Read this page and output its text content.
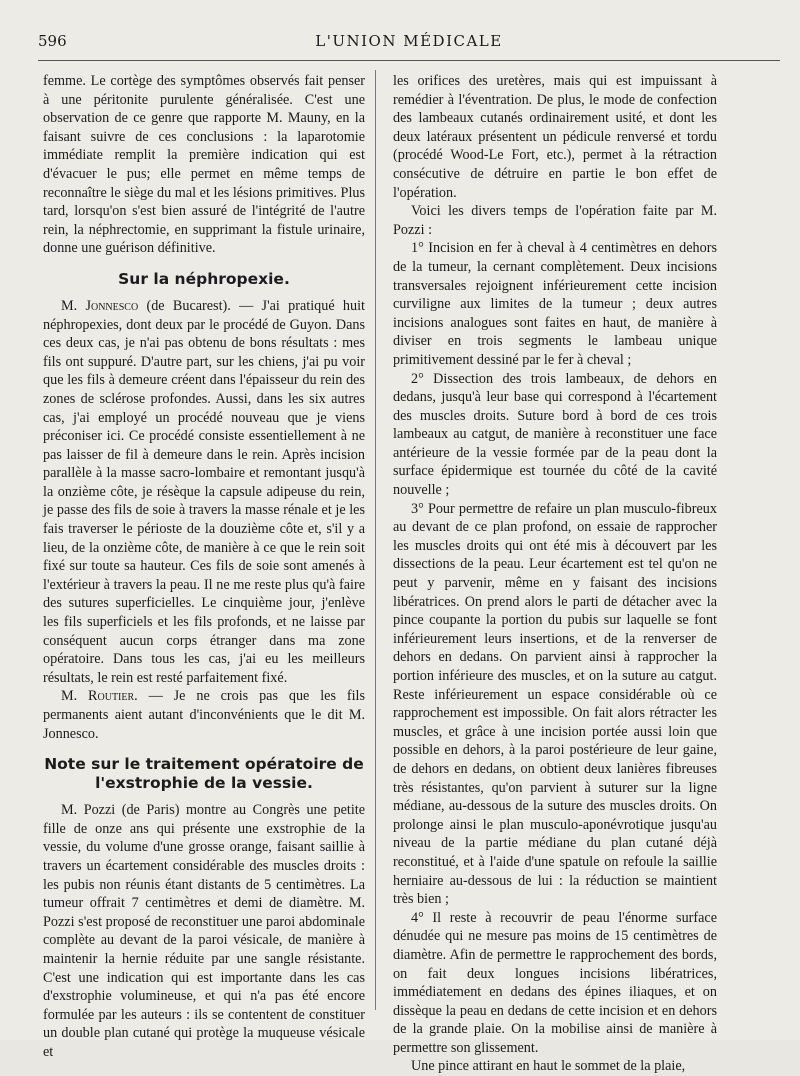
596	L'UNION MÉDICALE

femme. Le cortège des symptômes observés fait penser à une péritonite purulente généralisée. C'est une observation de ce genre que rapporte M. Mauny, en la faisant suivre de ces conclusions : la laparotomie immédiate remplit la première indication qui est d'évacuer le pus; elle permet en même temps de reconnaître le siège du mal et les lésions primitives. Plus tard, lorsqu'on s'est bien assuré de l'intégrité de l'autre rein, la néphrectomie, en supprimant la fistule urinaire, donne une guérison définitive.

Sur la néphropexie.

M. Jonnesco (de Bucarest). — J'ai pratiqué huit néphropexies, dont deux par le procédé de Guyon. Dans ces deux cas, je n'ai pas obtenu de bons résultats : mes fils ont suppuré. D'autre part, sur les chiens, j'ai pu voir que les fils à demeure créent dans l'épaisseur du rein des zones de sclérose profondes. Aussi, dans les six autres cas, j'ai employé un procédé nouveau que je viens préconiser ici. Ce procédé consiste essentiellement à ne pas laisser de fil à demeure dans le rein. Après incision parallèle à la masse sacro-lombaire et remontant jusqu'à la onzième côte, je résèque la capsule adipeuse du rein, je passe des fils de soie à travers la masse rénale et je les fais traverser le périoste de la douzième côte et, s'il y a lieu, de la onzième côte, de manière à ce que le rein soit fixé sur toute sa hauteur. Ces fils de soie sont amenés à l'extérieur à travers la peau. Il ne me reste plus qu'à faire des sutures superficielles. Le cinquième jour, j'enlève les fils superficiels et les fils profonds, et ne laisse par conséquent aucun corps étranger dans ma zone opératoire. Dans tous les cas, j'ai eu les meilleurs résultats, le rein est resté parfaitement fixé.

M. Routier. — Je ne crois pas que les fils permanents aient autant d'inconvénients que le dit M. Jonnesco.

Note sur le traitement opératoire de l'exstrophie de la vessie.

M. Pozzi (de Paris) montre au Congrès une petite fille de onze ans qui présente une exstrophie de la vessie, du volume d'une grosse orange, faisant saillie à travers un écartement considérable des muscles droits : les pubis non réunis étant distants de 5 centimètres. La tumeur offrait 7 centimètres et demi de diamètre. M. Pozzi s'est proposé de reconstituer une paroi abdominale complète au devant de la paroi vésicale, de manière à maintenir la hernie réduite par une sangle résistante. C'est une indication qui est importante dans les cas d'exstrophie volumineuse, et qui n'a pas été encore formulée par les auteurs : ils se contentent de constituer un double plan cutané qui protège la muqueuse vésicale et

les orifices des uretères, mais qui est impuissant à remédier à l'éventration. De plus, le mode de confection des lambeaux cutanés ordinairement usité, et dont les deux latéraux présentent un pédicule renversé et tordu (procédé Wood-Le Fort, etc.), permet à la rétraction consécutive de détruire en partie le bon effet de l'opération.

Voici les divers temps de l'opération faite par M. Pozzi :

1° Incision en fer à cheval à 4 centimètres en dehors de la tumeur, la cernant complètement. Deux incisions transversales rejoignent inférieurement cette incision curviligne aux limites de la tumeur ; deux autres incisions analogues sont faites en haut, de manière à diviser en trois segments le lambeau unique primitivement dessiné par le fer à cheval ;

2° Dissection des trois lambeaux, de dehors en dedans, jusqu'à leur base qui correspond à l'écartement des muscles droits. Suture bord à bord de ces trois lambeaux au catgut, de manière à reconstituer une face antérieure de la vessie formée par de la peau dont la surface épidermique est tournée du côté de la cavité nouvelle ;

3° Pour permettre de refaire un plan musculo-fibreux au devant de ce plan profond, on essaie de rapprocher les muscles droits qui ont été mis à découvert par les dissections de la peau. Leur écartement est tel qu'on ne peut y parvenir, même en y faisant des incisions libératrices. On prend alors le parti de détacher avec la pince coupante la portion du pubis sur laquelle se font inférieurement leurs insertions, et de la renverser de dehors en dedans. On parvient ainsi à rapprocher la portion inférieure des muscles, et on la suture au catgut. Reste inférieurement un espace considérable où ce rapprochement est impossible. On fait alors rétracter les muscles, et grâce à une incision portée aussi loin que possible en dehors, à la paroi postérieure de leur gaine, de dehors en dedans, on obtient deux lanières fibreuses très résistantes, qu'on parvient à suturer sur la ligne médiane, au-dessous de la suture des muscles droits. On prolonge ainsi le plan musculo-aponévrotique jusqu'au niveau de la partie médiane du plan cutané déjà reconstitué, et à l'aide d'une spatule on refoule la saillie herniaire au-dessous de lui : la réduction se maintient très bien ;

4° Il reste à recouvrir de peau l'énorme surface dénudée qui ne mesure pas moins de 15 centimètres de diamètre. Afin de permettre le rapprochement des bords, on fait deux longues incisions libératrices, immédiatement en dedans des épines iliaques, et on dissèque la peau en dedans de cette incision et en dehors de la grande plaie. On la mobilise ainsi de manière à permettre son glissement.

Une pince attirant en haut le sommet de la plaie,
